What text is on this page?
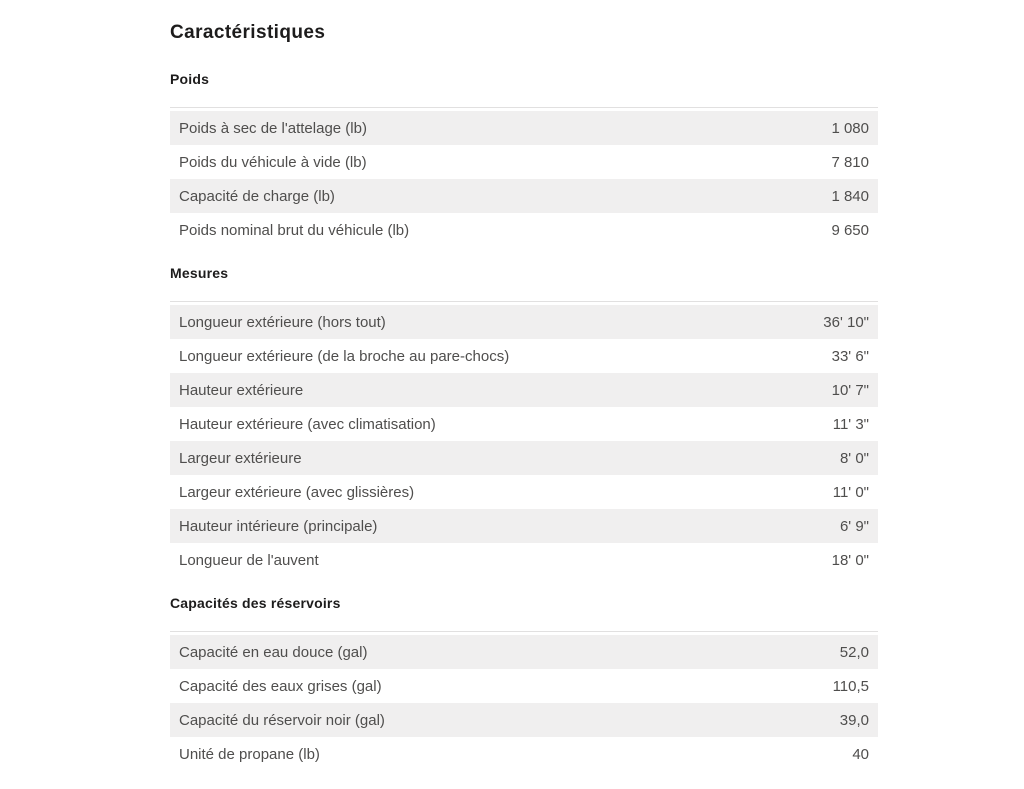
Caractéristiques
Poids
Poids à sec de l'attelage (lb)	1 080
Poids du véhicule à vide (lb)	7 810
Capacité de charge (lb)	1 840
Poids nominal brut du véhicule (lb)	9 650
Mesures
Longueur extérieure (hors tout)	36' 10"
Longueur extérieure (de la broche au pare-chocs)	33' 6"
Hauteur extérieure	10' 7"
Hauteur extérieure (avec climatisation)	11' 3"
Largeur extérieure	8' 0"
Largeur extérieure (avec glissières)	11' 0"
Hauteur intérieure (principale)	6' 9"
Longueur de l'auvent	18' 0"
Capacités des réservoirs
Capacité en eau douce (gal)	52,0
Capacité des eaux grises (gal)	110,5
Capacité du réservoir noir (gal)	39,0
Unité de propane (lb)	40
